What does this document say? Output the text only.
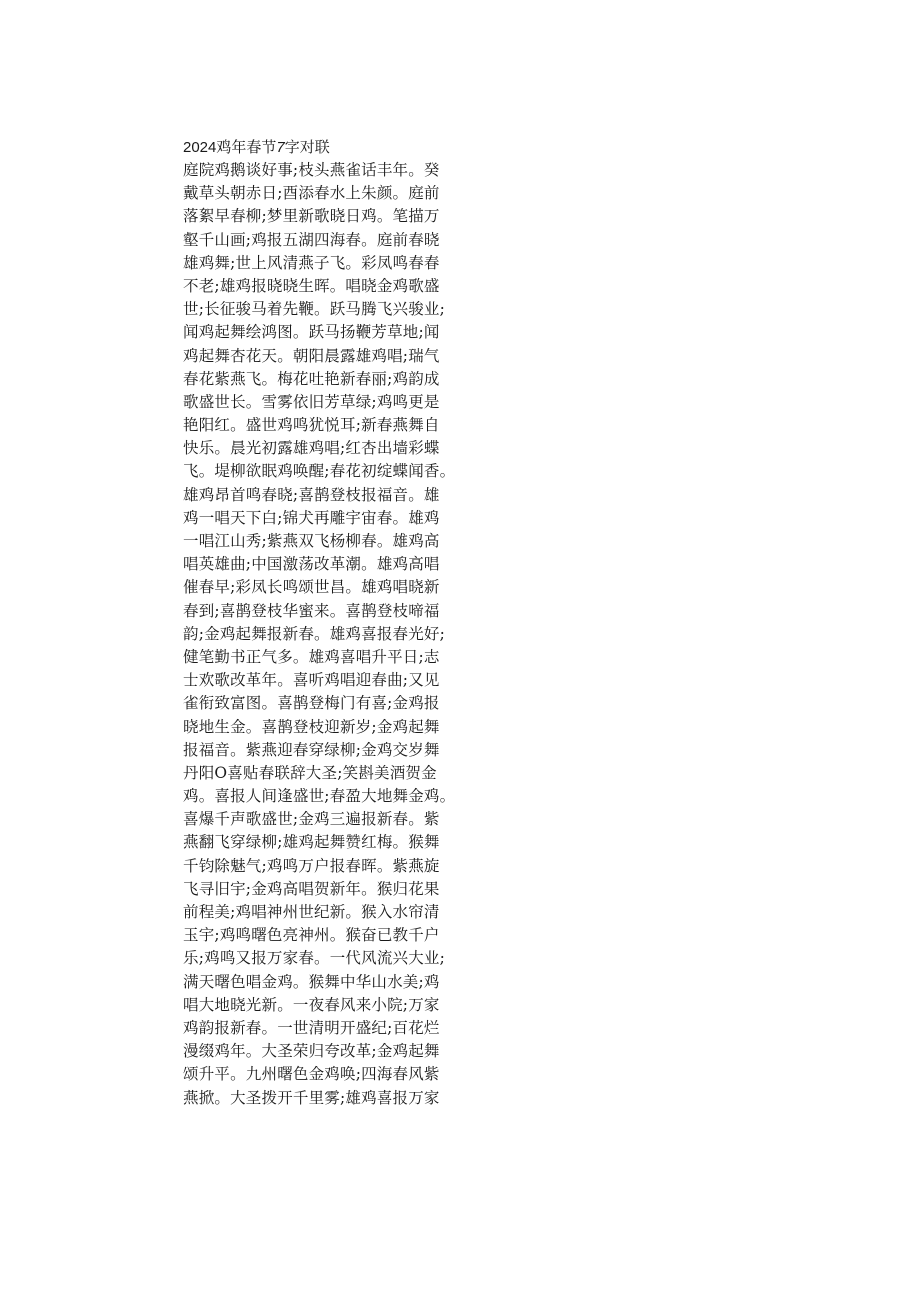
2024鸡年春节7字对联
庭院鸡鹅谈好事;枝头燕雀话丰年。癸
戴草头朝赤日;酉添春水上朱颜。庭前
落絮早春柳;梦里新歌晓日鸡。笔描万
壑千山画;鸡报五湖四海春。庭前春晓
雄鸡舞;世上风清燕子飞。彩凤鸣春春
不老;雄鸡报晓晓生晖。唱晓金鸡歌盛
世;长征骏马着先鞭。跃马腾飞兴骏业;
闻鸡起舞绘鸿图。跃马扬鞭芳草地;闻
鸡起舞杏花天。朝阳晨露雄鸡唱;瑞气
春花紫燕飞。梅花吐艳新春丽;鸡韵成
歌盛世长。雪雾依旧芳草绿;鸡鸣更是
艳阳红。盛世鸡鸣犹悦耳;新春燕舞自
快乐。晨光初露雄鸡唱;红杏出墙彩蝶
飞。堤柳欲眠鸡唤醒;春花初绽蝶闻香。
雄鸡昂首鸣春晓;喜鹊登枝报福音。雄
鸡一唱天下白;锦犬再雕宇宙春。雄鸡
一唱江山秀;紫燕双飞杨柳春。雄鸡高
唱英雄曲;中国激荡改革潮。雄鸡高唱
催春早;彩凤长鸣颂世昌。雄鸡唱晓新
春到;喜鹊登枝华蜜来。喜鹊登枝啼福
韵;金鸡起舞报新春。雄鸡喜报春光好;
健笔勤书正气多。雄鸡喜唱升平日;志
士欢歌改革年。喜听鸡唱迎春曲;又见
雀衔致富图。喜鹊登梅门有喜;金鸡报
晓地生金。喜鹊登枝迎新岁;金鸡起舞
报福音。紫燕迎春穿绿柳;金鸡交岁舞
丹阳O喜贴春联辞大圣;笑斟美酒贺金
鸡。喜报人间逢盛世;春盈大地舞金鸡。
喜爆千声歌盛世;金鸡三遍报新春。紫
燕翻飞穿绿柳;雄鸡起舞赞红梅。猴舞
千钧除魅气;鸡鸣万户报春晖。紫燕旋
飞寻旧宇;金鸡高唱贺新年。猴归花果
前程美;鸡唱神州世纪新。猴入水帘清
玉宇;鸡鸣曙色亮神州。猴奋已教千户
乐;鸡鸣又报万家春。一代风流兴大业;
满天曙色唱金鸡。猴舞中华山水美;鸡
唱大地晓光新。一夜春风来小院;万家
鸡韵报新春。一世清明开盛纪;百花烂
漫缀鸡年。大圣荣归夸改革;金鸡起舞
颂升平。九州曙色金鸡唤;四海春风紫
燕掀。大圣拨开千里雾;雄鸡喜报万家
